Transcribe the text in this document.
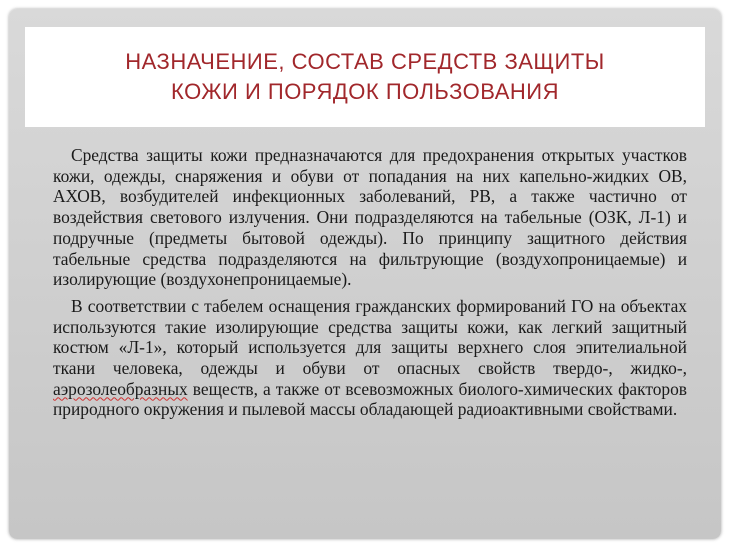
НАЗНАЧЕНИЕ, СОСТАВ СРЕДСТВ ЗАЩИТЫ
КОЖИ И ПОРЯДОК ПОЛЬЗОВАНИЯ

Средства защиты кожи предназначаются для предохранения открытых участков кожи, одежды, снаряжения и обуви от попадания на них капельно-жидких ОВ, АХОВ, возбудителей инфекционных заболеваний, РВ, а также частично от воздействия светового излучения. Они подразделяются на табельные (ОЗК, Л-1) и подручные (предметы бытовой одежды). По принципу защитного действия табельные средства подразделяются на фильтрующие (воздухопроницаемые) и изолирующие (воздухонепроницаемые).

В соответствии с табелем оснащения гражданских формирований ГО на объектах используются такие изолирующие средства защиты кожи, как легкий защитный костюм «Л-1», который используется для защиты верхнего слоя эпителиальной ткани человека, одежды и обуви от опасных свойств твердо-, жидко-, аэрозолеобразных веществ, а также от всевозможных биолого-химических факторов природного окружения и пылевой массы обладающей радиоактивными свойствами.
